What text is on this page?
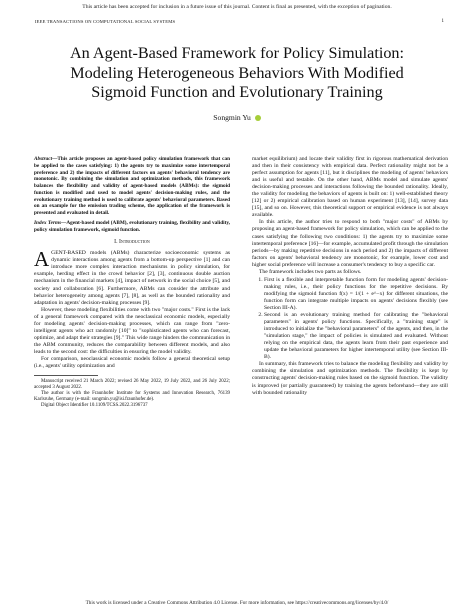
This article has been accepted for inclusion in a future issue of this journal. Content is final as presented, with the exception of pagination.
IEEE TRANSACTIONS ON COMPUTATIONAL SOCIAL SYSTEMS	1
An Agent-Based Framework for Policy Simulation:
Modeling Heterogeneous Behaviors With Modified
Sigmoid Function and Evolutionary Training
Songmin Yu
Abstract—This article proposes an agent-based policy simulation framework that can be applied to the cases satisfying: 1) the agents try to maximize some intertemporal preference and 2) the impacts of different factors on agents' behavioral tendency are monotonic. By combining the simulation and optimization methods, this framework balances the flexibility and validity of agent-based models (ABMs): the sigmoid function is modified and used to model agents' decision-making rules, and the evolutionary training method is used to calibrate agents' behavioral parameters. Based on an example for the emission trading scheme, the application of the framework is presented and evaluated in detail.
Index Terms—Agent-based model (ABM), evolutionary training, flexibility and validity, policy simulation framework, sigmoid function.
I. Introduction

AGENT-BASED models (ABMs) characterize socioeconomic systems as dynamic interactions among agents from a bottom-up perspective [1] and can introduce more complex interaction mechanisms in policy simulation, for example, herding effect in the crowd behavior [2], [3], continuous double auction mechanism in the financial markets [4], impact of network in the social choice [5], and society and collaboration [6]. Furthermore, ABMs can consider the attribute and behavior heterogeneity among agents [7], [8], as well as the bounded rationality and adaptation in agents' decision-making processes [9].

However, these modeling flexibilities come with two "major costs." First is the lack of a general framework compared with the neoclassical economic models, especially for modeling agents' decision-making processes, which can range from "zero-intelligent agents who act randomly [10]" to "sophisticated agents who can forecast, optimize, and adapt their strategies [9]." This wide range hinders the communication in the ABM community, reduces the comparability between different models, and also leads to the second cost: the difficulties in ensuring the model validity.

For comparison, neoclassical economic models follow a general theoretical setup (i.e., agents' utility optimization and

Manuscript received 21 March 2022; revised 26 May 2022, 19 July 2022, and 26 July 2022; accepted 3 August 2022.
The author is with the Fraunhofer Institute for Systems and Innovation Research, 76139 Karlsruhe, Germany (e-mail: songmin.yu@isi.fraunhofer.de).
Digital Object Identifier 10.1109/TCSS.2022.3196737

market equilibrium) and locate their validity first in rigorous mathematical derivation and then in their consistency with empirical data. Perfect rationality might not be a perfect assumption for agents [11], but it disciplines the modeling of agents' behaviors and is useful and testable. On the other hand, ABMs model and simulate agents' decision-making processes and interactions following the bounded rationality. Ideally, the validity for modeling the behaviors of agents is built on: 1) well-established theory [12] or 2) empirical calibration based on human experiment [13], [14], survey data [15], and so on. However, this theoretical support or empirical evidence is not always available.

In this article, the author tries to respond to both "major costs" of ABMs by proposing an agent-based framework for policy simulation, which can be applied to the cases satisfying the following two conditions: 1) the agents try to maximize some intertemporal preference [16]—for example, accumulated profit through the simulation periods—by making repetitive decisions in each period and 2) the impacts of different factors on agents' behavioral tendency are monotonic, for example, lower cost and higher social preference will increase a consumer's tendency to buy a specific car.

The framework includes two parts as follows.

1. First is a flexible and interpretable function form for modeling agents' decision-making rules, i.e., their policy functions for the repetitive decisions. By modifying the sigmoid function f(x) = 1/(1 + e^−x) for different situations, the function form can integrate multiple impacts on agents' decisions flexibly (see Section III-A).
2. Second is an evolutionary training method for calibrating the "behavioral parameters" in agents' policy functions. Specifically, a "training stage" is introduced to initialize the "behavioral parameters" of the agents, and then, in the "simulation stage," the impact of policies is simulated and evaluated. Without relying on the empirical data, the agents learn from their past experience and update the behavioral parameters for higher intertemporal utility (see Section III-B).

In summary, this framework tries to balance the modeling flexibility and validity by combining the simulation and optimization methods. The flexibility is kept by constructing agents' decision-making rules based on the sigmoid function. The validity is improved (or partially guaranteed) by training the agents beforehand—they are still with bounded rationality

This work is licensed under a Creative Commons Attribution 4.0 License. For more information, see https://creativecommons.org/licenses/by/4.0/
